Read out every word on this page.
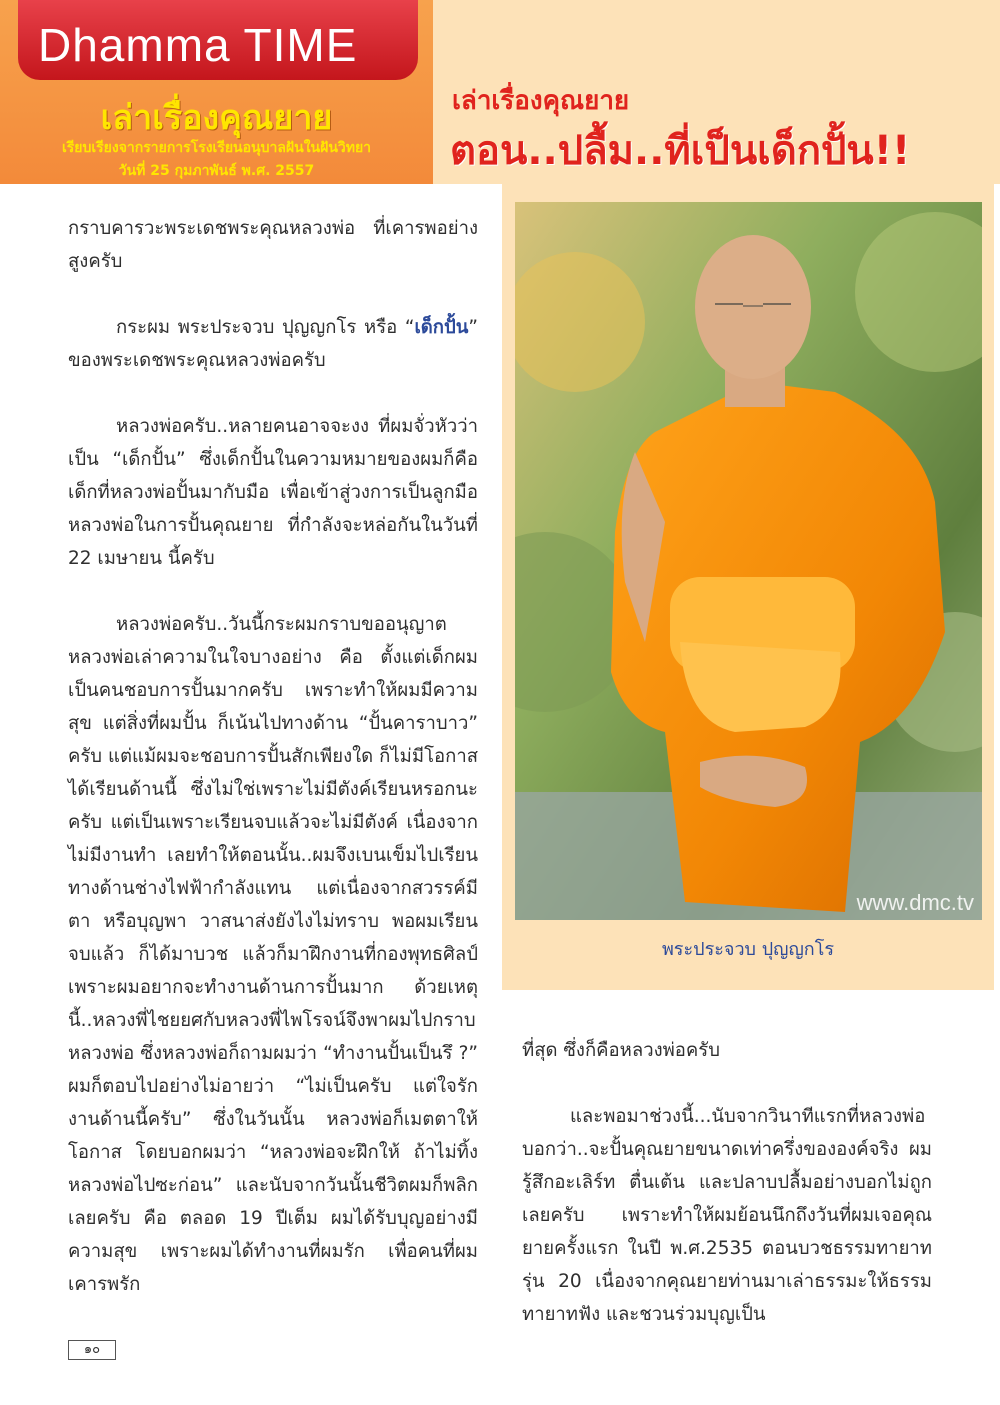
Dhamma TIME
เล่าเรื่องคุณยาย
เรียบเรียงจากรายการโรงเรียนอนุบาลฝันในฝันวิทยา
วันที่ 25 กุมภาพันธ์ พ.ศ. 2557
เล่าเรื่องคุณยาย
ตอน..ปลื้ม..ที่เป็นเด็กปั้น!!

กราบคารวะพระเดชพระคุณหลวงพ่อ ที่เคารพอย่างสูงครับ

กระผม พระประจวบ ปุญญกโร หรือ “เด็กปั้น” ของพระเดชพระคุณหลวงพ่อครับ

หลวงพ่อครับ..หลายคนอาจจะงง ที่ผมจั่วหัวว่าเป็น “เด็กปั้น” ซึ่งเด็กปั้นในความหมายของผมก็คือ เด็กที่หลวงพ่อปั้นมากับมือ เพื่อเข้าสู่วงการเป็นลูกมือหลวงพ่อในการปั้นคุณยาย ที่กำลังจะหล่อกันในวันที่ 22 เมษายน นี้ครับ

หลวงพ่อครับ..วันนี้กระผมกราบขออนุญาตหลวงพ่อเล่าความในใจบางอย่าง คือ ตั้งแต่เด็กผมเป็นคนชอบการปั้นมากครับ เพราะทำให้ผมมีความสุข แต่สิ่งที่ผมปั้น ก็เน้นไปทางด้าน “ปั้นคาราบาว” ครับ แต่แม้ผมจะชอบการปั้นสักเพียงใด ก็ไม่มีโอกาสได้เรียนด้านนี้ ซึ่งไม่ใช่เพราะไม่มีตังค์เรียนหรอกนะครับ แต่เป็นเพราะเรียนจบแล้วจะไม่มีตังค์ เนื่องจากไม่มีงานทำ เลยทำให้ตอนนั้น..ผมจึงเบนเข็มไปเรียนทางด้านช่างไฟฟ้ากำลังแทน แต่เนื่องจากสวรรค์มีตา หรือบุญพา วาสนาส่งยังไงไม่ทราบ พอผมเรียนจบแล้ว ก็ได้มาบวช แล้วก็มาฝึกงานที่กองพุทธศิลป์ เพราะผมอยากจะทำงานด้านการปั้นมาก ด้วยเหตุนี้..หลวงพี่ไชยยศกับหลวงพี่ไพโรจน์จึงพาผมไปกราบหลวงพ่อ ซึ่งหลวงพ่อก็ถามผมว่า “ทำงานปั้นเป็นรึ ?” ผมก็ตอบไปอย่างไม่อายว่า “ไม่เป็นครับ แต่ใจรักงานด้านนี้ครับ” ซึ่งในวันนั้น หลวงพ่อก็เมตตาให้โอกาส โดยบอกผมว่า “หลวงพ่อจะฝึกให้ ถ้าไม่ทิ้งหลวงพ่อไปซะก่อน” และนับจากวันนั้นชีวิตผมก็พลิกเลยครับ คือ ตลอด 19 ปีเต็ม ผมได้รับบุญอย่างมีความสุข เพราะผมได้ทำงานที่ผมรัก เพื่อคนที่ผมเคารพรัก

www.dmc.tv
พระประจวบ ปุญญกโร

ที่สุด ซึ่งก็คือหลวงพ่อครับ

และพอมาช่วงนี้...นับจากวินาทีแรกที่หลวงพ่อบอกว่า..จะปั้นคุณยายขนาดเท่าครึ่งขององค์จริง ผมรู้สึกอะเลิร์ท ตื่นเต้น และปลาบปลื้มอย่างบอกไม่ถูกเลยครับ เพราะทำให้ผมย้อนนึกถึงวันที่ผมเจอคุณยายครั้งแรก ในปี พ.ศ.2535 ตอนบวชธรรมทายาทรุ่น 20 เนื่องจากคุณยายท่านมาเล่าธรรมะให้ธรรมทายาทฟัง และชวนร่วมบุญเป็น

๑๐
